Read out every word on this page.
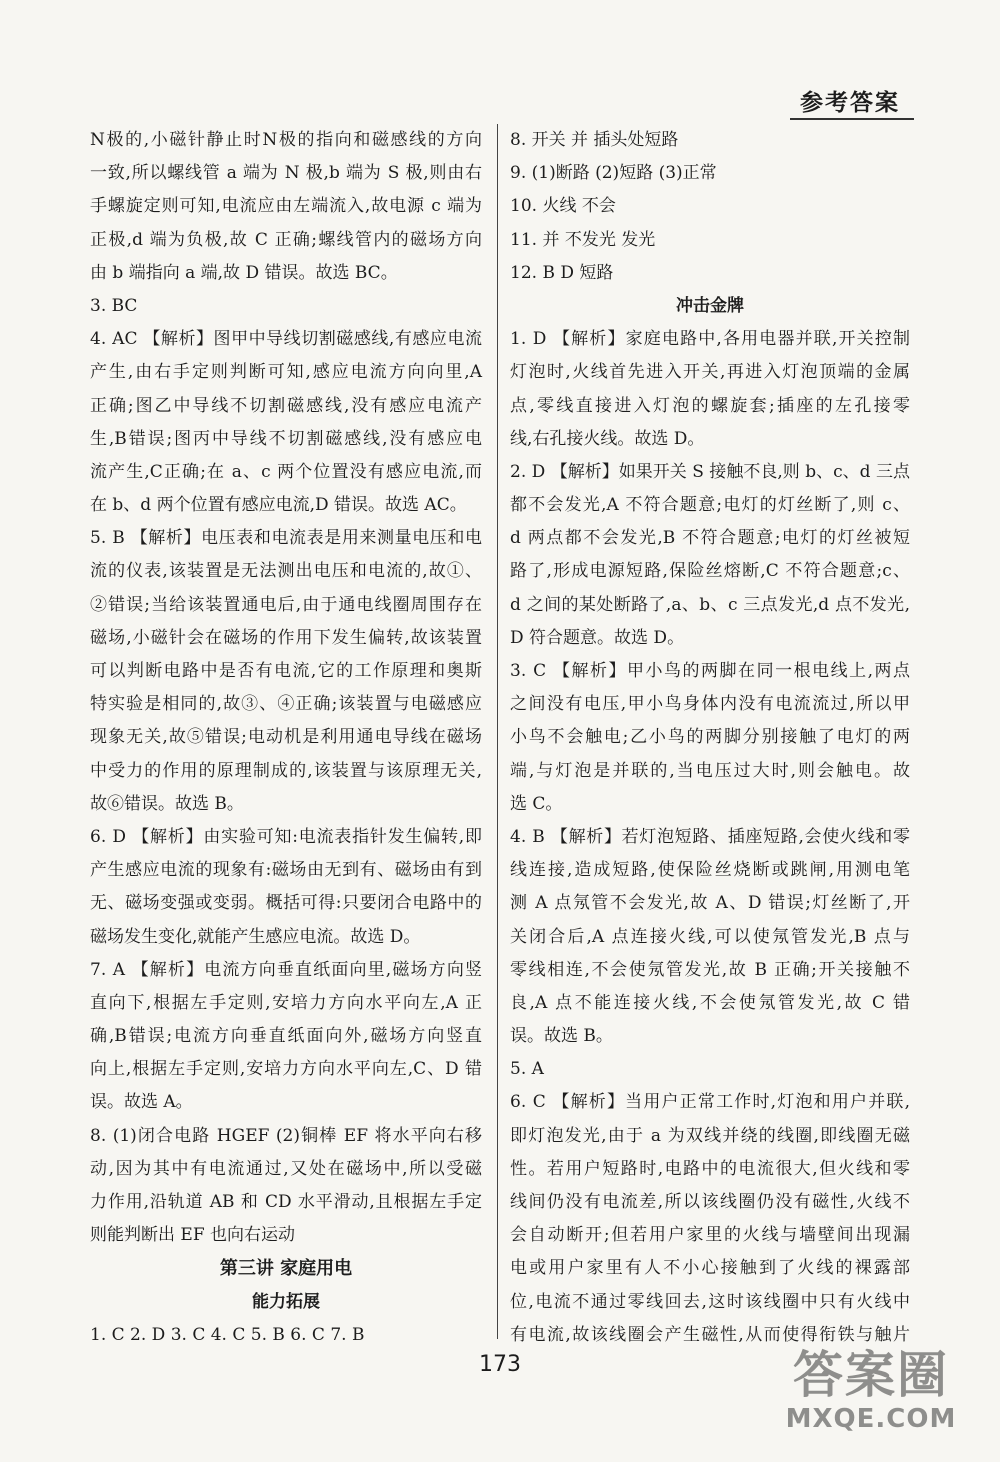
参考答案
N极的,小磁针静止时N极的指向和磁感线的方向
一致,所以螺线管 a 端为 N 极,b 端为 S 极,则由右
手螺旋定则可知,电流应由左端流入,故电源 c 端为
正极,d 端为负极,故 C 正确;螺线管内的磁场方向
由 b 端指向 a 端,故 D 错误。故选 BC。
3. BC
4. AC 【解析】图甲中导线切割磁感线,有感应电流
产生,由右手定则判断可知,感应电流方向向里,A
正确;图乙中导线不切割磁感线,没有感应电流产
生,B错误;图丙中导线不切割磁感线,没有感应电
流产生,C正确;在 a、c 两个位置没有感应电流,而
在 b、d 两个位置有感应电流,D 错误。故选 AC。
5. B 【解析】电压表和电流表是用来测量电压和电
流的仪表,该装置是无法测出电压和电流的,故①、
②错误;当给该装置通电后,由于通电线圈周围存在
磁场,小磁针会在磁场的作用下发生偏转,故该装置
可以判断电路中是否有电流,它的工作原理和奥斯
特实验是相同的,故③、④正确;该装置与电磁感应
现象无关,故⑤错误;电动机是利用通电导线在磁场
中受力的作用的原理制成的,该装置与该原理无关,
故⑥错误。故选 B。
6. D 【解析】由实验可知:电流表指针发生偏转,即
产生感应电流的现象有:磁场由无到有、磁场由有到
无、磁场变强或变弱。概括可得:只要闭合电路中的
磁场发生变化,就能产生感应电流。故选 D。
7. A 【解析】电流方向垂直纸面向里,磁场方向竖
直向下,根据左手定则,安培力方向水平向左,A 正
确,B错误;电流方向垂直纸面向外,磁场方向竖直
向上,根据左手定则,安培力方向水平向左,C、D 错
误。故选 A。
8. (1)闭合电路 HGEF (2)铜棒 EF 将水平向右移
动,因为其中有电流通过,又处在磁场中,所以受磁
力作用,沿轨道 AB 和 CD 水平滑动,且根据左手定
则能判断出 EF 也向右运动
第三讲 家庭用电
能力拓展
1. C 2. D 3. C 4. C 5. B 6. C 7. B
8. 开关 并 插头处短路
9. (1)断路 (2)短路 (3)正常
10. 火线 不会
11. 并 不发光 发光
12. B D 短路
冲击金牌
1. D 【解析】家庭电路中,各用电器并联,开关控制
灯泡时,火线首先进入开关,再进入灯泡顶端的金属
点,零线直接进入灯泡的螺旋套;插座的左孔接零
线,右孔接火线。故选 D。
2. D 【解析】如果开关 S 接触不良,则 b、c、d 三点
都不会发光,A 不符合题意;电灯的灯丝断了,则 c、
d 两点都不会发光,B 不符合题意;电灯的灯丝被短
路了,形成电源短路,保险丝熔断,C 不符合题意;c、
d 之间的某处断路了,a、b、c 三点发光,d 点不发光,
D 符合题意。故选 D。
3. C 【解析】甲小鸟的两脚在同一根电线上,两点
之间没有电压,甲小鸟身体内没有电流流过,所以甲
小鸟不会触电;乙小鸟的两脚分别接触了电灯的两
端,与灯泡是并联的,当电压过大时,则会触电。故
选 C。
4. B 【解析】若灯泡短路、插座短路,会使火线和零
线连接,造成短路,使保险丝烧断或跳闸,用测电笔
测 A 点氖管不会发光,故 A、D 错误;灯丝断了,开
关闭合后,A 点连接火线,可以使氖管发光,B 点与
零线相连,不会使氖管发光,故 B 正确;开关接触不
良,A 点不能连接火线,不会使氖管发光,故 C 错
误。故选 B。
5. A
6. C 【解析】当用户正常工作时,灯泡和用户并联,
即灯泡发光,由于 a 为双线并绕的线圈,即线圈无磁
性。若用户短路时,电路中的电流很大,但火线和零
线间仍没有电流差,所以该线圈仍没有磁性,火线不
会自动断开;但若用户家里的火线与墙壁间出现漏
电或用户家里有人不小心接触到了火线的裸露部
位,电流不通过零线回去,这时该线圈中只有火线中
有电流,故该线圈会产生磁性,从而使得衔铁与触片
173	答案圈
MXQE.COM
